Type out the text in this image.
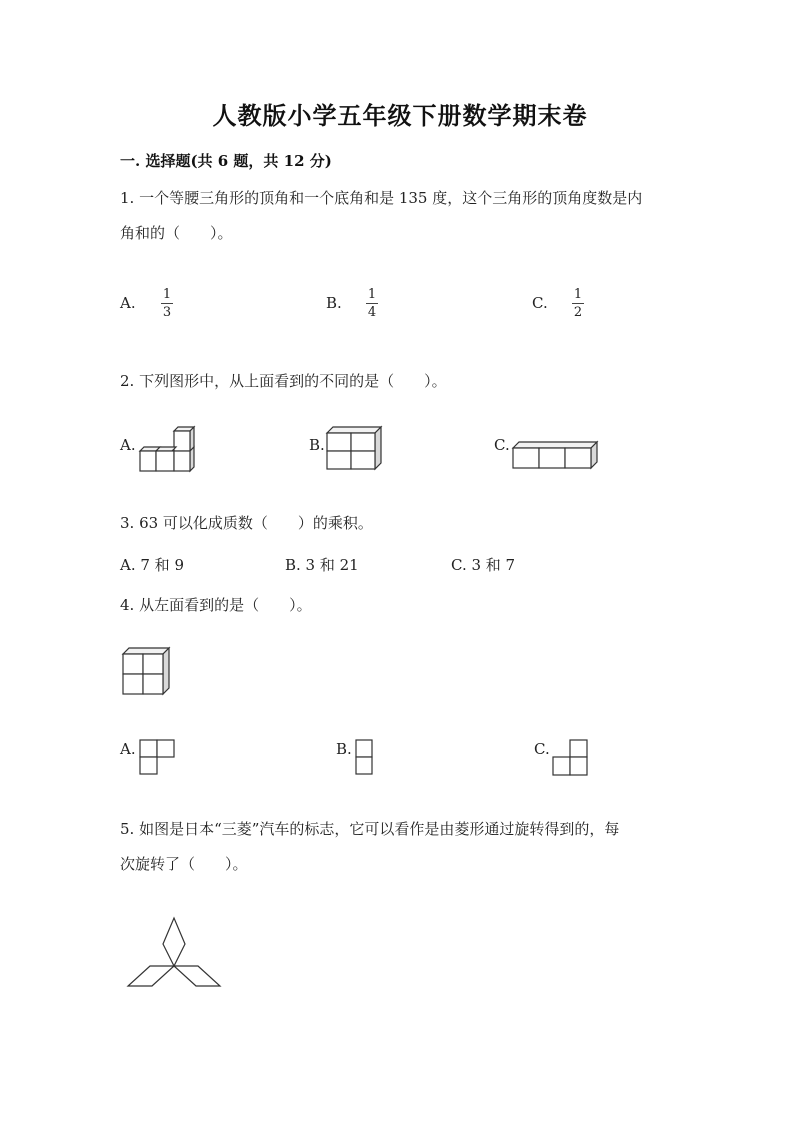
人教版小学五年级下册数学期末卷
一. 选择题(共 6 题，共 12 分)
1. 一个等腰三角形的顶角和一个底角和是 135 度，这个三角形的顶角度数是内
角和的（　　）。
A. 1
3
B. 1
4
C. 1
2
2. 下列图形中，从上面看到的不同的是（　　）。
A.	B.	C.
3. 63 可以化成质数（　　）的乘积。
A. 7 和 9	B. 3 和 21	C. 3 和 7
4. 从左面看到的是（　　）。
A.	B.	C.
5. 如图是日本“三菱”汽车的标志，它可以看作是由菱形通过旋转得到的，每
次旋转了（　　）。
